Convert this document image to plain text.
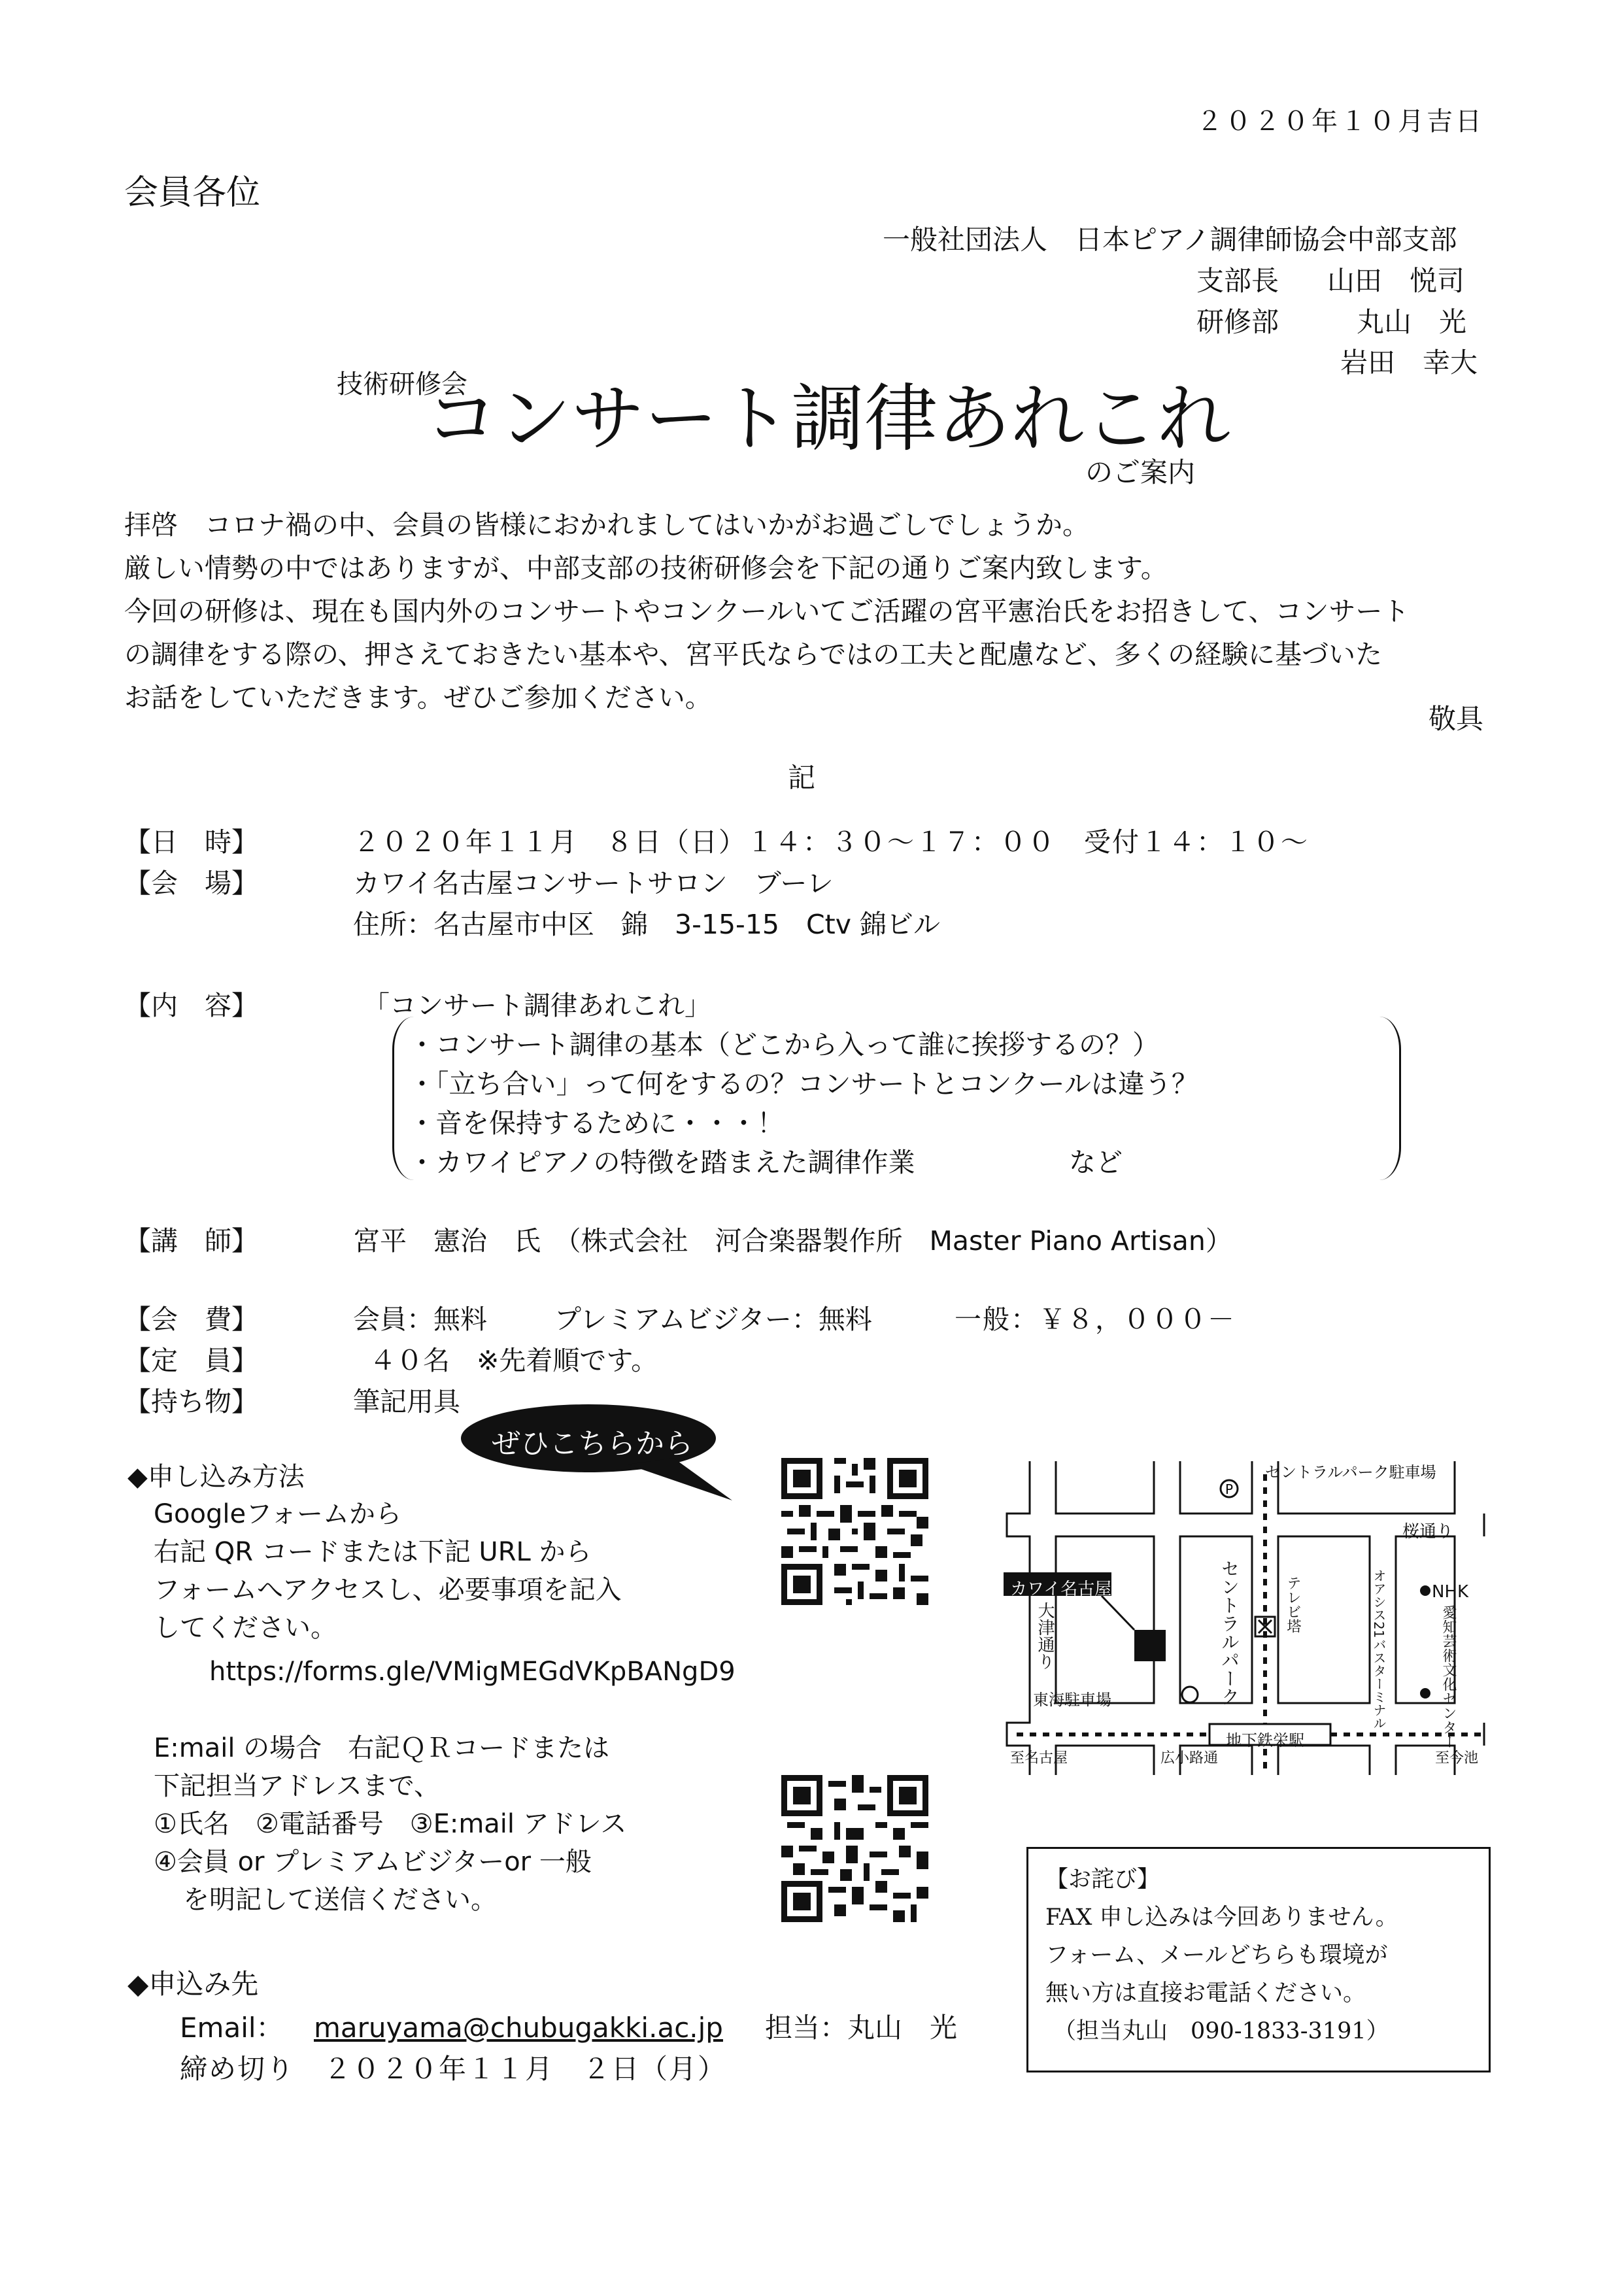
２０２０年１０月吉日
会員各位
一般社団法人　日本ピアノ調律師協会中部支部
支部長 山田　悦司
研修部	丸山　光
岩田　幸大
技術研修会
コンサート調律あれこれ
のご案内
拝啓　コロナ禍の中、会員の皆様におかれましてはいかがお過ごしでしょうか。
厳しい情勢の中ではありますが、中部支部の技術研修会を下記の通りご案内致します。
今回の研修は、現在も国内外のコンサートやコンクールいてご活躍の宮平憲治氏をお招きして、コンサート
の調律をする際の、押さえておきたい基本や、宮平氏ならではの工夫と配慮など、多くの経験に基づいた
お話をしていただきます。ぜひご参加ください。
敬具
記
【日　時】	２０２０年１１月　８日（日）１４：３０～１７：００　受付１４：１０～
【会　場】	カワイ名古屋コンサートサロン　ブーレ
住所：名古屋市中区　錦　3-15-15　Ctv 錦ビル
【内　容】	「コンサート調律あれこれ」
・コンサート調律の基本（どこから入って誰に挨拶するの？）
・「立ち合い」って何をするの？コンサートとコンクールは違う？
・音を保持するために・・・！
・カワイピアノの特徴を踏まえた調律作業	など
【講　師】	宮平　憲治　氏　（株式会社　河合楽器製作所　Master Piano Artisan）
【会　費】	会員：無料	プレミアムビジター：無料	一般：￥８，０００－
【定　員】	４０名　※先着順です。
【持ち物】	筆記用具
ぜひこちらから
◆申し込み方法
Googleフォームから
右記 QR コードまたは下記 URL から
フォームへアクセスし、必要事項を記入
してください。
https://forms.gle/VMigMEGdVKpBANgD9
E:mail の場合　右記ＱＲコードまたは
下記担当アドレスまで、
①氏名　②電話番号　③E:mail アドレス
④会員 or プレミアムビジターor 一般
を明記して送信ください。
◆申込み先
Email： maruyama@chubugakki.ac.jp 担当：丸山　光
締め切り　２０２０年１１月　２日（月）
P
セントラルパーク駐車場
桜通り
カワイ名古屋
大津通り	セントラルパーク	テレビ塔	オアシス21バスターミナル	NHK
愛知芸術文化センター
東海駐車場
地下鉄栄駅
至名古屋	広小路通	至今池
【お詫び】
FAX 申し込みは今回ありません。
フォーム、メールどちらも環境が
無い方は直接お電話ください。
（担当丸山　090-1833-3191）
